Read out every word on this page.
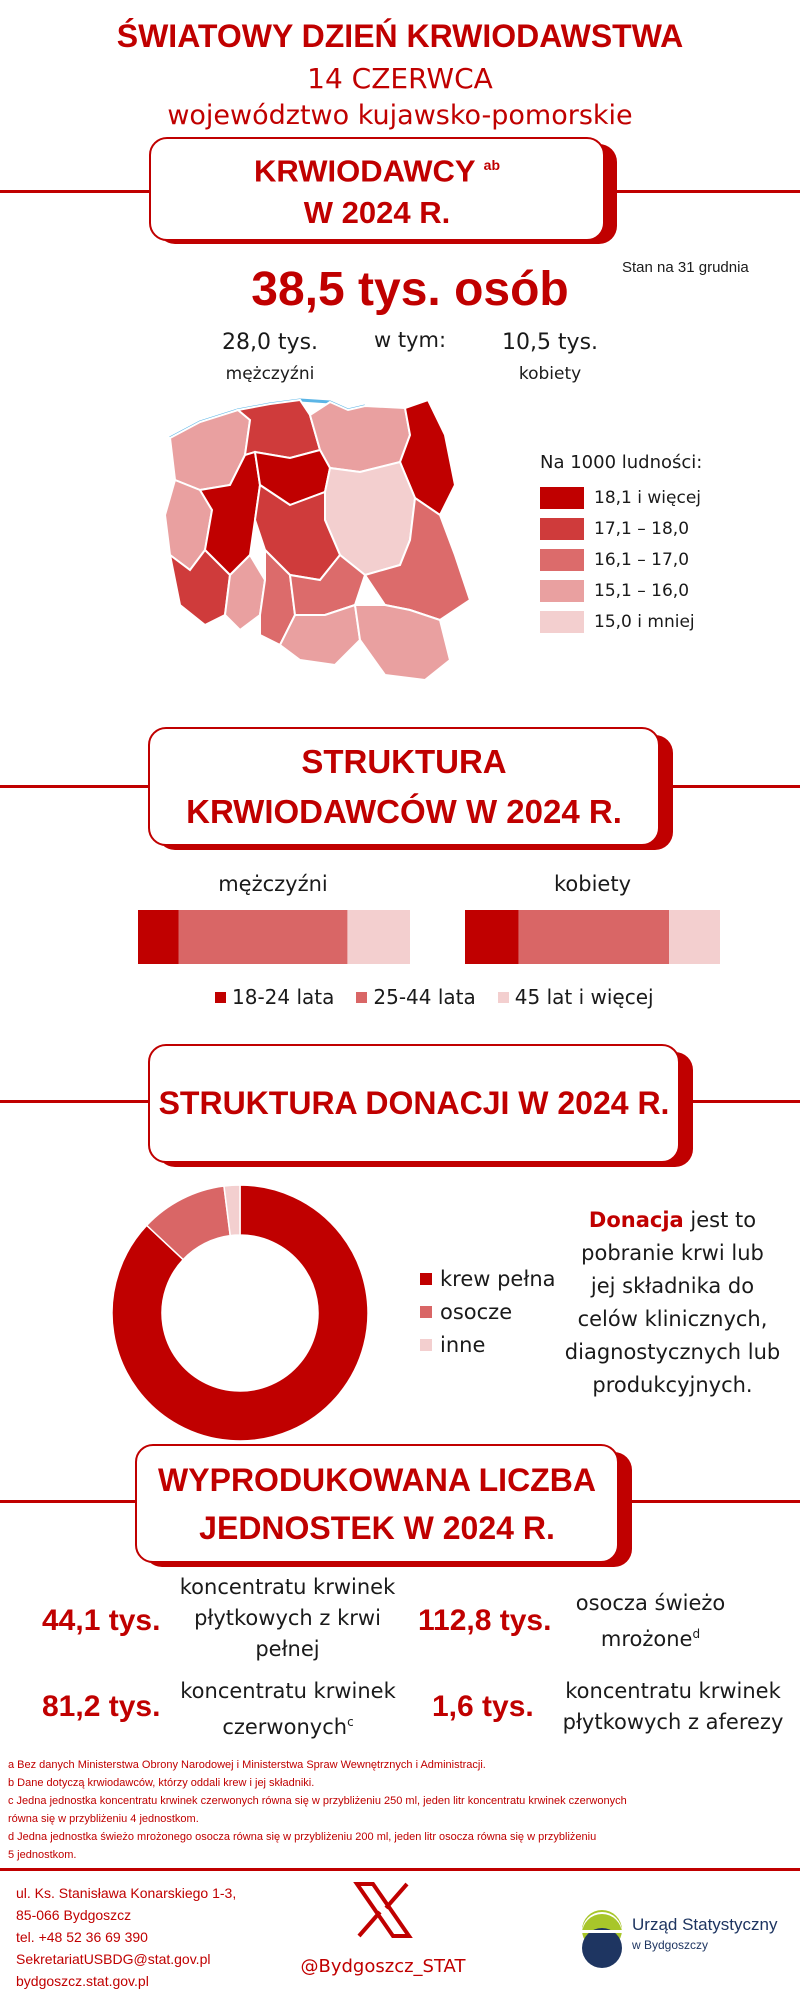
ŚWIATOWY DZIEŃ KRWIODAWSTWA
14 CZERWCA
województwo kujawsko-pomorskie
KRWIODAWCY $^{ab}$
W 2024 R.
Stan na 31 grudnia
38,5 tys. osób
28,0 tys.	w tym:	10,5 tys.
mężczyźni	kobiety
Na 1000 ludności:
18,1 i więcej
17,1 – 18,0
16,1 – 17,0
15,1 – 16,0
15,0 i mniej
STRUKTURA
KRWIODAWCÓW W 2024 R.
mężczyźni	kobiety
18-24 lata 25-44 lata 45 lat i więcej
STRUKTURA DONACJI W 2024 R.
krew pełna
osocze
inne
Donacja jest to
pobranie krwi lub
jej składnika do
celów klinicznych,
diagnostycznych lub
produkcyjnych.
WYPRODUKOWANA LICZBA
JEDNOSTEK W 2024 R.
44,1 tys.
koncentratu krwinek
płytkowych z krwi
pełnej
112,8 tys.
osocza świeżo
mrożone$^d$
81,2 tys. koncentratu krwinek
czerwonych$^c$	1,6 tys.	koncentratu krwinek
płytkowych z aferezy
a Bez danych Ministerstwa Obrony Narodowej i Ministerstwa Spraw Wewnętrznych i Administracji.
b Dane dotyczą krwiodawców, którzy oddali krew i jej składniki.
c Jedna jednostka koncentratu krwinek czerwonych równa się w przybliżeniu 250 ml, jeden litr koncentratu krwinek czerwonych
równa się w przybliżeniu 4 jednostkom.
d Jedna jednostka świeżo mrożonego osocza równa się w przybliżeniu 200 ml, jeden litr osocza równa się w przybliżeniu
5 jednostkom.
ul. Ks. Stanisława Konarskiego 1-3,
85-066 Bydgoszcz
tel. +48 52 36 69 390
SekretariatUSBDG@stat.gov.pl
bydgoszcz.stat.gov.pl
@Bydgoszcz_STAT
Urząd Statystyczny
w Bydgoszczy
